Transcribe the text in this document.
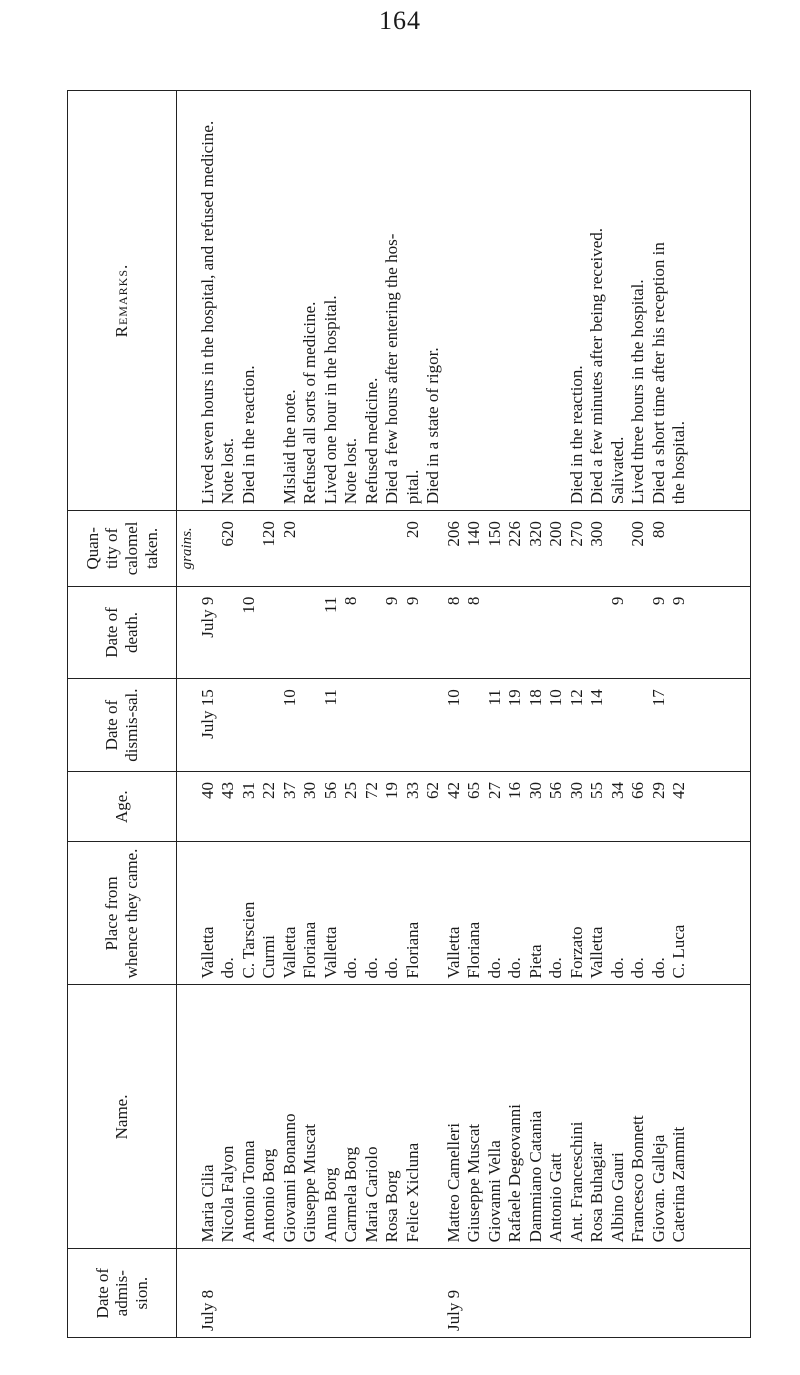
164
Date of admis-sion.	Name.	Place from whence they came.	Age.	Date of dismis-sal.	Date of death.	Quan-tity of calomel taken.	Remarks.
						grains.	
July 8	Maria Cilia	Valletta	40	July 15	July 9		Lived seven hours in the hospital, and refused medicine.
	Nicola Falyon	do.	43			620	Note lost.
	Antonio Tonna	C. Tarscien	31		10		Died in the reaction.
	Antonio Borg	Curmi	22			120	
	Giovanni Bonanno	Valletta	37	10		20	Mislaid the note.
	Giuseppe Muscat	Floriana	30				Refused all sorts of medicine.
	Anna Borg	Valletta	56	11	11		Lived one hour in the hospital.
	Carmela Borg	do.	25		8		Note lost.
	Maria Cariolo	do.	72				Refused medicine.
	Rosa Borg	do.	19		9		Died a few hours after entering the hos-
	Felice Xicluna	Floriana	33		9	20	pital.
			62				Died in a state of rigor.
July 9	Matteo Camelleri	Valletta	42	10	8	206	
	Giuseppe Muscat	Floriana	65		8	140	
	Giovanni Vella	do.	27	11		150	
	Rafaele Degeovanni	do.	16	19		226	
	Dammiano Catania	Pieta	30	18		320	
	Antonio Gatt	do.	56	10		200	
	Ant. Franceschini	Forzato	30	12		270	Died in the reaction.
	Rosa Buhagiar	Valletta	55	14		300	Died a few minutes after being received.
	Albino Gauri	do.	34		9		Salivated.
	Francesco Bonnett	do.	66			200	Lived three hours in the hospital.
	Giovan. Galleja	do.	29	17	9	80	Died a short time after his reception in
	Caterina Zammit	C. Luca	42		9		the hospital.
